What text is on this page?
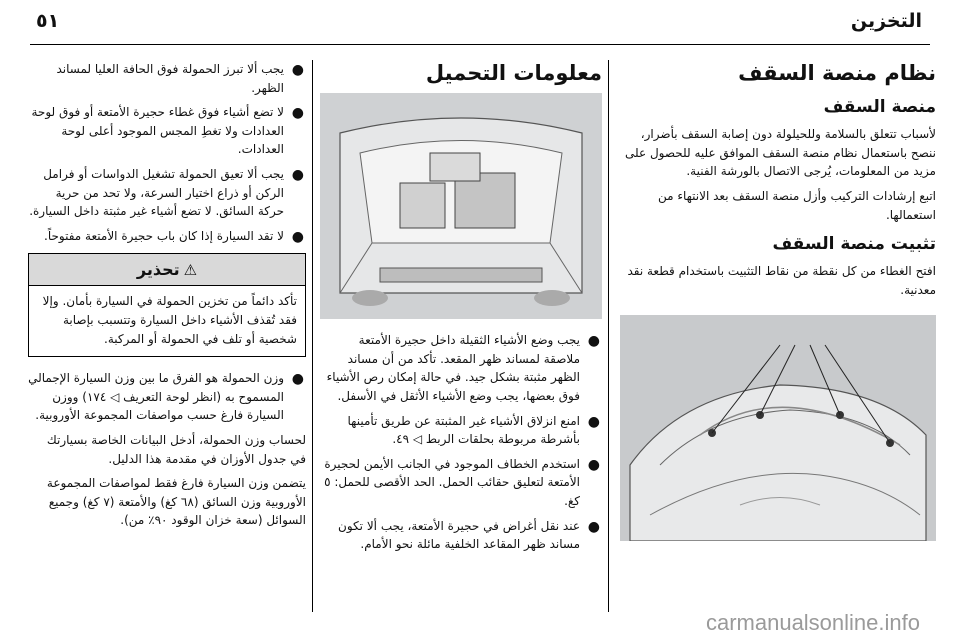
٥١	التخزين
نظام منصة السقف
منصة السقف

لأسباب تتعلق بالسلامة وللحيلولة دون إصابة السقف بأضرار، ننصح باستعمال نظام منصة السقف الموافق عليه للحصول على مزيد من المعلومات، يُرجى الاتصال بالورشة الفنية.

اتبع إرشادات التركيب وأزل منصة السقف بعد الانتهاء من استعمالها.

تثبيت منصة السقف

افتح الغطاء من كل نقطة من نقاط التثبيت باستخدام قطعة نقد معدنية.

معلومات التحميل
●
يجب وضع الأشياء الثقيلة داخل حجيرة الأمتعة ملاصقة لمساند ظهر المقعد. تأكد من أن مساند الظهر مثبتة بشكل جيد. في حالة إمكان رص الأشياء فوق بعضها، يجب وضع الأشياء الأثقل في الأسفل.
●
امنع انزلاق الأشياء غير المثبتة عن طريق تأمينها بأشرطة مربوطة بحلقات الربط ◁ ٤٩.
●
استخدم الخطاف الموجود في الجانب الأيمن لحجيرة الأمتعة لتعليق حقائب الحمل. الحد الأقصى للحمل: ٥ كغ.
●
عند نقل أغراض في حجيرة الأمتعة، يجب ألا تكون مساند ظهر المقاعد الخلفية مائلة نحو الأمام.
●
يجب ألا تبرز الحمولة فوق الحافة العليا لمساند الظهر.
●
لا تضع أشياء فوق غطاء حجيرة الأمتعة أو فوق لوحة العدادات ولا تغطِ المجس الموجود أعلى لوحة العدادات.
●
يجب ألا تعيق الحمولة تشغيل الدواسات أو فرامل الركن أو ذراع اختيار السرعة، ولا تحد من حرية حركة السائق. لا تضع أشياء غير مثبتة داخل السيارة.
●
لا تقد السيارة إذا كان باب حجيرة الأمتعة مفتوحاً.
⚠تحذير
تأكد دائماً من تخزين الحمولة في السيارة بأمان. وإلا فقد تُقذف الأشياء داخل السيارة وتتسبب بإصابة شخصية أو تلف في الحمولة أو المركبة.
●
وزن الحمولة هو الفرق ما بين وزن السيارة الإجمالي المسموح به (انظر لوحة التعريف ◁ ١٧٤) ووزن السيارة فارغ حسب مواصفات المجموعة الأوروبية.

لحساب وزن الحمولة، أدخل البيانات الخاصة بسيارتك في جدول الأوزان في مقدمة هذا الدليل.

يتضمن وزن السيارة فارغ فقط لمواصفات المجموعة الأوروبية وزن السائق (٦٨ كغ) والأمتعة (٧ كغ) وجميع السوائل (سعة خزان الوقود ٩٠٪ من).

carmanualsonline.info
